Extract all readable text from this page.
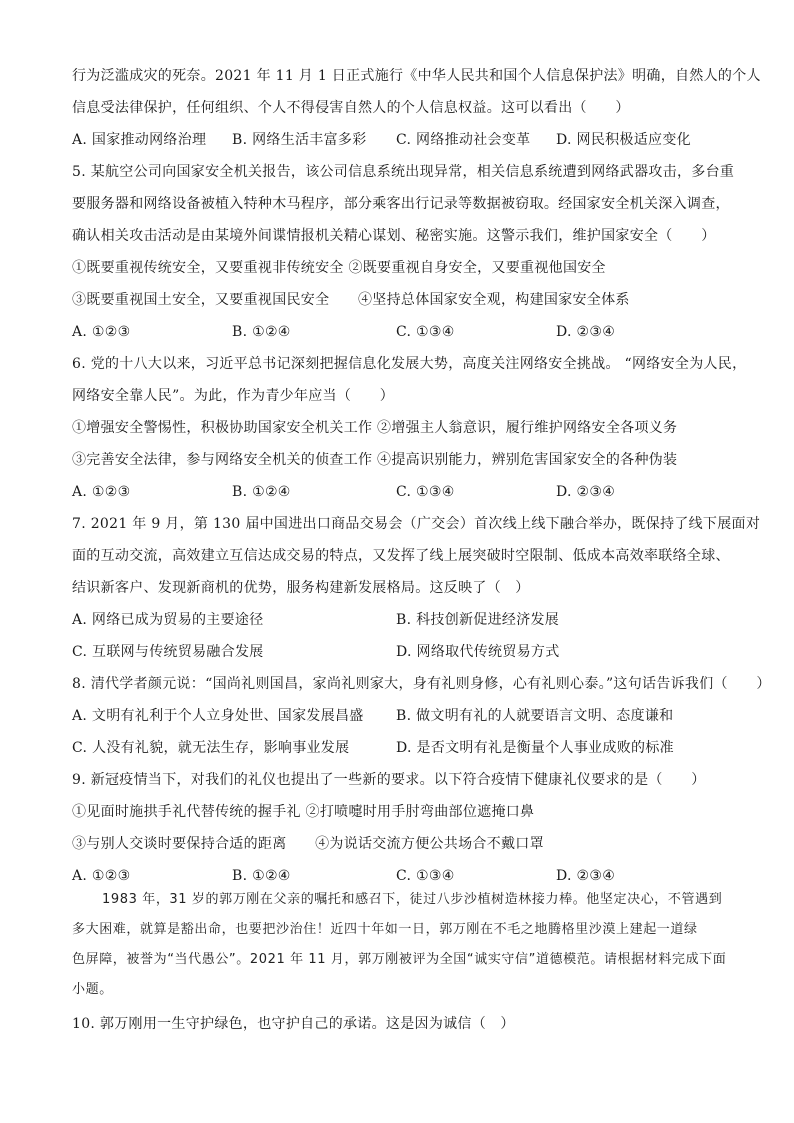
行为泛滥成灾的死奈。2021 年 11 月 1 日正式施行《中华人民共和国个人信息保护法》明确，自然人的个人
信息受法律保护，任何组织、个人不得侵害自然人的个人信息权益。这可以看出（　　）
A. 国家推动网络治理 B. 网络生活丰富多彩 C. 网络推动社会变革 D. 网民积极适应变化
5. 某航空公司向国家安全机关报告，该公司信息系统出现异常，相关信息系统遭到网络武器攻击，多台重
要服务器和网络设备被植入特种木马程序，部分乘客出行记录等数据被窃取。经国家安全机关深入调查，
确认相关攻击活动是由某境外间谍情报机关精心谋划、秘密实施。这警示我们，维护国家安全（　　）
①既要重视传统安全，又要重视非传统安全 ②既要重视自身安全，又要重视他国安全
③既要重视国土安全，又要重视国民安全　　④坚持总体国家安全观，构建国家安全体系
A. ①②③	B. ①②④	C. ①③④	D. ②③④
6. 党的十八大以来，习近平总书记深刻把握信息化发展大势，高度关注网络安全挑战。 “网络安全为人民，
网络安全靠人民”。为此，作为青少年应当（　　）
①增强安全警惕性，积极协助国家安全机关工作 ②增强主人翁意识，履行维护网络安全各项义务
③完善安全法律，参与网络安全机关的侦查工作 ④提高识别能力，辨别危害国家安全的各种伪装
A. ①②③	B. ①②④	C. ①③④	D. ②③④
7. 2021 年 9 月，第 130 届中国进出口商品交易会（广交会）首次线上线下融合举办，既保持了线下展面对
面的互动交流，高效建立互信达成交易的特点，又发挥了线上展突破时空限制、低成本高效率联络全球、
结识新客户、发现新商机的优势，服务构建新发展格局。这反映了（　）
A. 网络已成为贸易的主要途径	B. 科技创新促进经济发展
C. 互联网与传统贸易融合发展	D. 网络取代传统贸易方式
8. 清代学者颜元说：“国尚礼则国昌，家尚礼则家大，身有礼则身修，心有礼则心泰。”这句话告诉我们（　　）
A. 文明有礼利于个人立身处世、国家发展昌盛 B. 做文明有礼的人就要语言文明、态度谦和
C. 人没有礼貌，就无法生存，影响事业发展	D. 是否文明有礼是衡量个人事业成败的标准
9. 新冠疫情当下，对我们的礼仪也提出了一些新的要求。以下符合疫情下健康礼仪要求的是（　　）
①见面时施拱手礼代替传统的握手礼 ②打喷嚏时用手肘弯曲部位遮掩口鼻
③与别人交谈时要保持合适的距离　　④为说话交流方便公共场合不戴口罩
A. ①②③	B. ①②④	C. ①③④	D. ②③④
1983 年，31 岁的郭万刚在父亲的嘱托和感召下，徒过八步沙植树造林接力棒。他坚定决心，不管遇到
多大困难，就算是豁出命，也要把沙治住！近四十年如一日，郭万刚在不毛之地腾格里沙漠上建起一道绿
色屏障，被誉为“当代愚公”。2021 年 11 月，郭万刚被评为全国“诚实守信”道德模范。请根据材料完成下面
小题。
10. 郭万刚用一生守护绿色，也守护自己的承诺。这是因为诚信（　）
